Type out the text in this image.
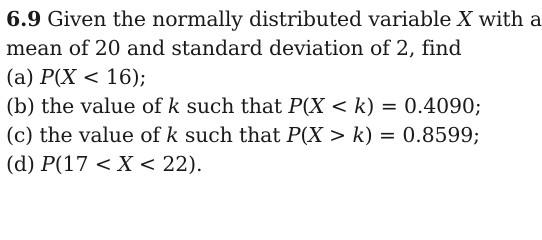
6.9 Given the normally distributed variable X with a
mean of 20 and standard deviation of 2, find
(a) P(X < 16);
(b) the value of k such that P(X < k) = 0.4090;
(c) the value of k such that P(X > k) = 0.8599;
(d) P(17 < X < 22).
